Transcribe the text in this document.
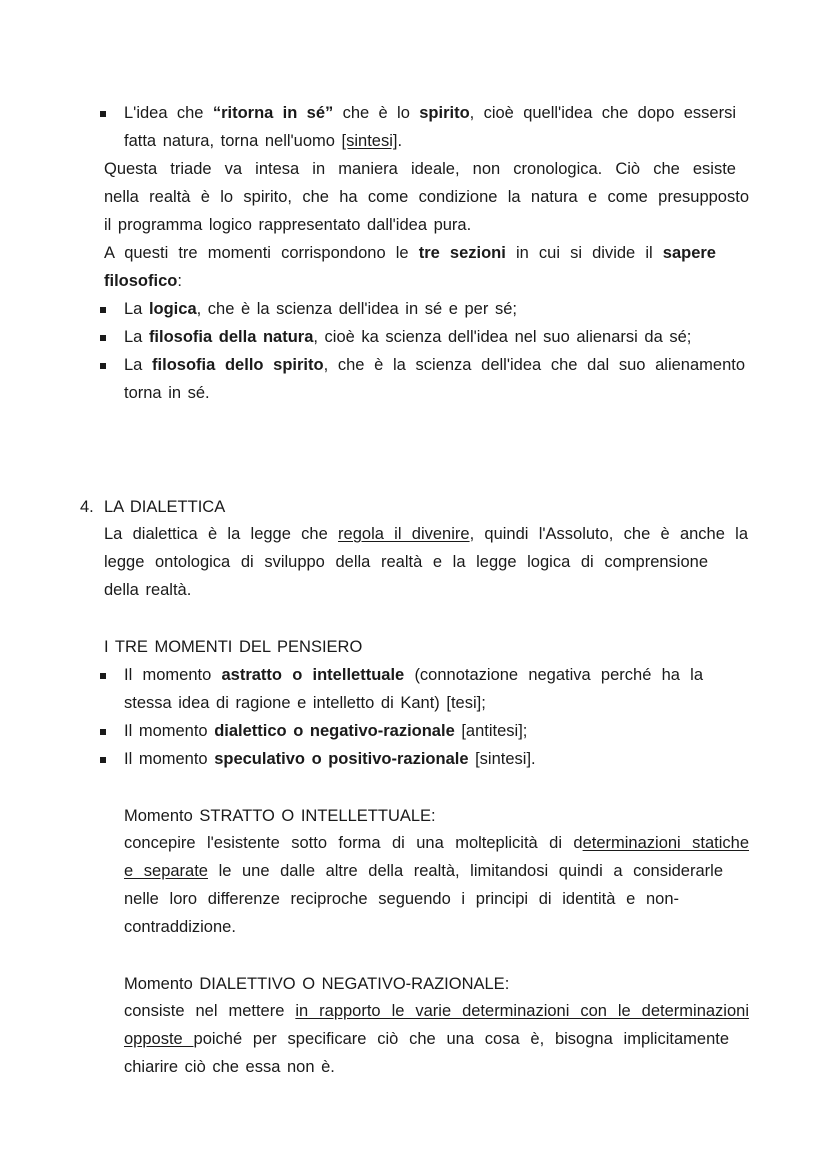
L'idea che “ritorna in sé” che è lo spirito, cioè quell'idea che dopo essersi
fatta natura, torna nell'uomo [sintesi].
Questa triade va intesa in maniera ideale, non cronologica. Ciò che esiste
nella realtà è lo spirito, che ha come condizione la natura e come presupposto
il programma logico rappresentato dall'idea pura.
A questi tre momenti corrispondono le tre sezioni in cui si divide il sapere
filosofico:
La logica, che è la scienza dell'idea in sé e per sé;
La filosofia della natura, cioè ka scienza dell'idea nel suo alienarsi da sé;
La filosofia dello spirito, che è la scienza dell'idea che dal suo alienamento
torna in sé.
4. LA DIALETTICA
La dialettica è la legge che regola il divenire, quindi l'Assoluto, che è anche la
legge ontologica di sviluppo della realtà e la legge logica di comprensione
della realtà.
I TRE MOMENTI DEL PENSIERO
Il momento astratto o intellettuale (connotazione negativa perché ha la
stessa idea di ragione e intelletto di Kant) [tesi];
Il momento dialettico o negativo-razionale [antitesi];
Il momento speculativo o positivo-razionale [sintesi].
Momento STRATTO O INTELLETTUALE:
concepire l'esistente sotto forma di una molteplicità di determinazioni statiche
e separate le une dalle altre della realtà, limitandosi quindi a considerarle
nelle loro differenze reciproche seguendo i principi di identità e non-
contraddizione.
Momento DIALETTIVO O NEGATIVO-RAZIONALE:
consiste nel mettere in rapporto le varie determinazioni con le determinazioni
opposte poiché per specificare ciò che una cosa è, bisogna implicitamente
chiarire ciò che essa non è.
